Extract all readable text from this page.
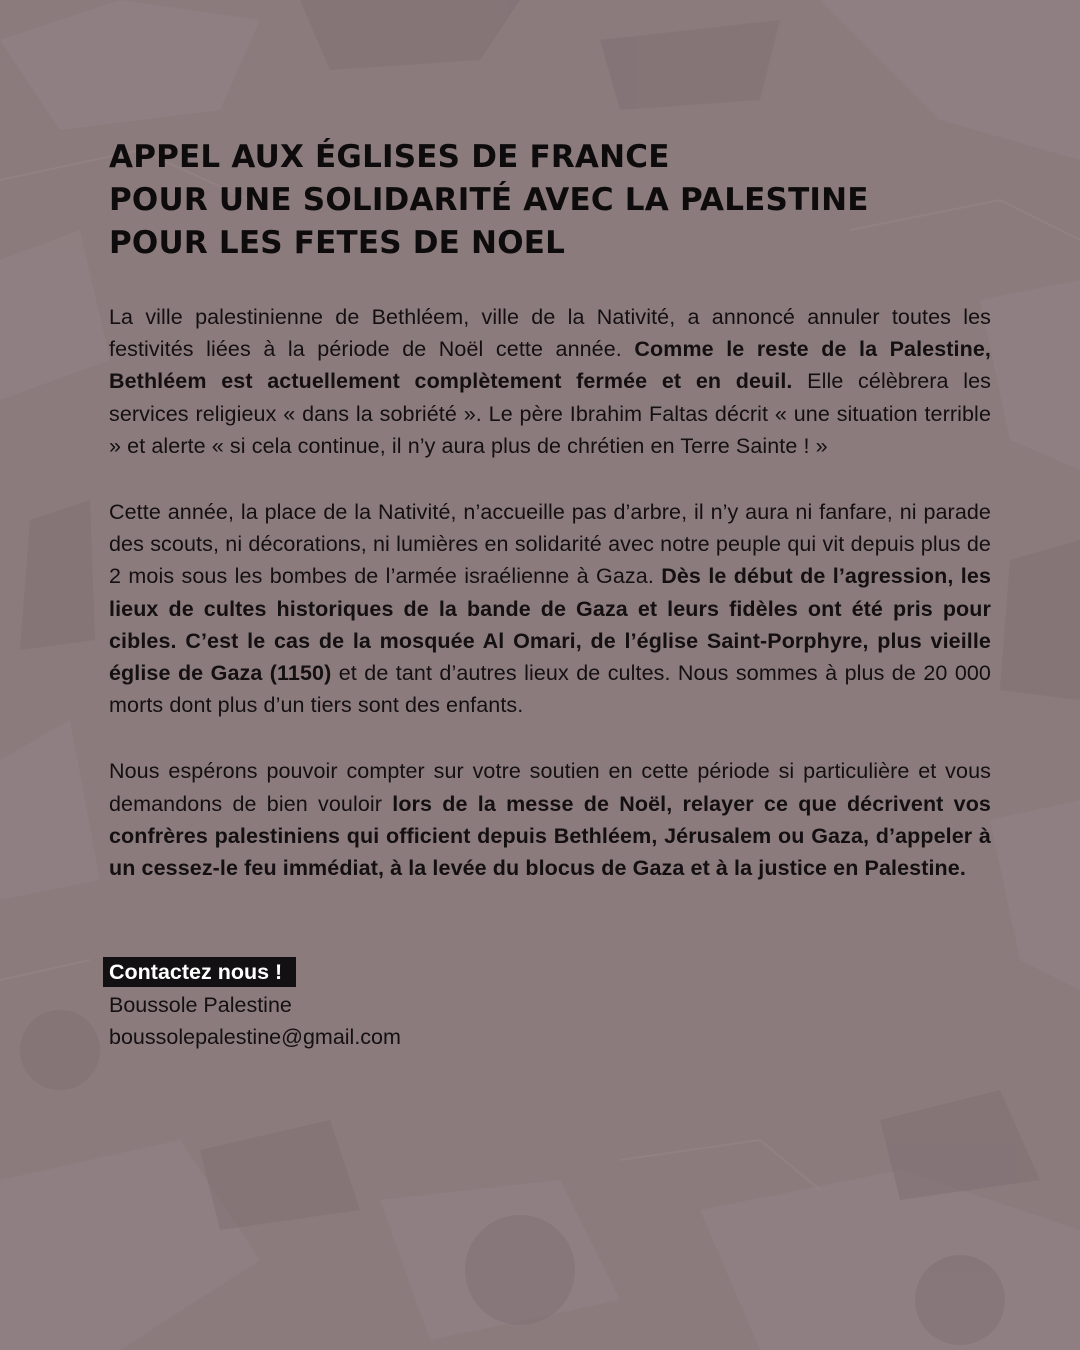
APPEL AUX ÉGLISES DE FRANCE
POUR UNE SOLIDARITÉ AVEC LA PALESTINE
POUR LES FETES DE NOEL

La ville palestinienne de Bethléem, ville de la Nativité, a annoncé annuler toutes les festivités liées à la période de Noël cette année. Comme le reste de la Palestine, Bethléem est actuellement complètement fermée et en deuil. Elle célèbrera les services religieux « dans la sobriété ». Le père Ibrahim Faltas décrit « une situation terrible » et alerte « si cela continue, il n’y aura plus de chrétien en Terre Sainte ! »

Cette année, la place de la Nativité, n’accueille pas d’arbre, il n’y aura ni fanfare, ni parade des scouts, ni décorations, ni lumières en solidarité avec notre peuple qui vit depuis plus de 2 mois sous les bombes de l’armée israélienne à Gaza. Dès le début de l’agression, les lieux de cultes historiques de la bande de Gaza et leurs fidèles ont été pris pour cibles. C’est le cas de la mosquée Al Omari, de l’église Saint-Porphyre, plus vieille église de Gaza (1150) et de tant d’autres lieux de cultes. Nous sommes à plus de 20 000 morts dont plus d’un tiers sont des enfants.

Nous espérons pouvoir compter sur votre soutien en cette période si particulière et vous demandons de bien vouloir lors de la messe de Noël, relayer ce que décrivent vos confrères palestiniens qui officient depuis Bethléem, Jérusalem ou Gaza, d’appeler à un cessez-le feu immédiat, à la levée du blocus de Gaza et à la justice en Palestine.

Contactez nous !
Boussole Palestine
boussolepalestine@gmail.com
